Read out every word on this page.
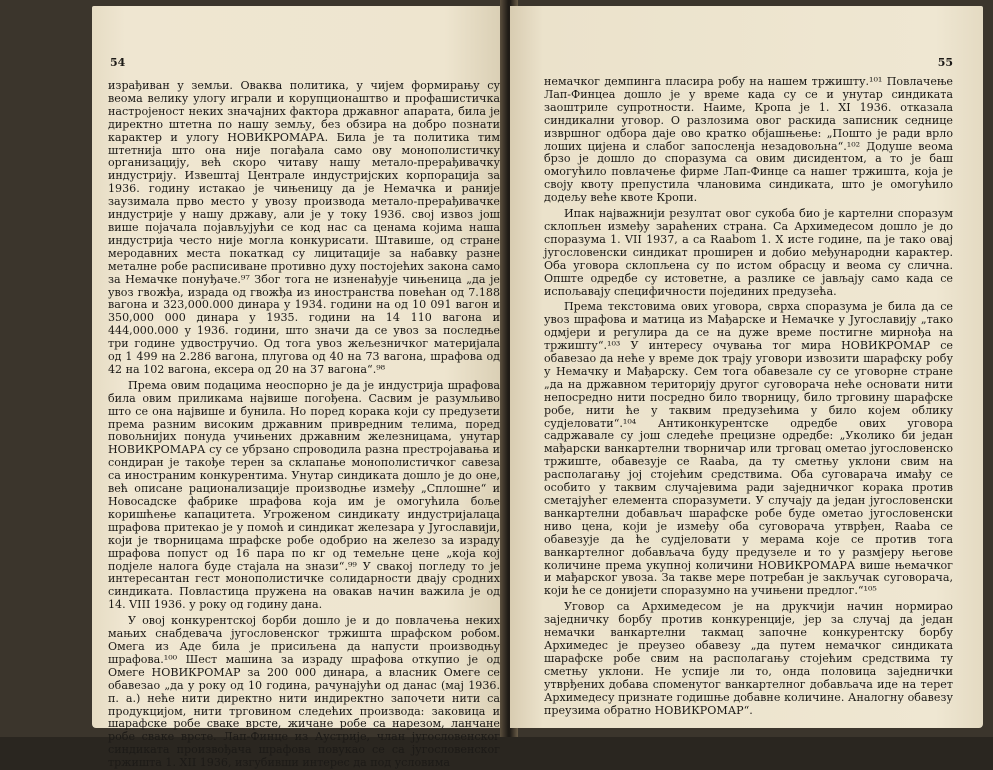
54

израђиван у земљи. Оваква политика, у чијем формирању су веома велику улогу играли и корупционаштво и профашистичка настројеност неких значајних фактора државног апарата, била је директно штетна по нашу земљу, без обзира на добро познати карактер и улогу НОВИКРОМАРА. Била је та политика тим штетнија што она није погађала само ову монополистичку организацију, већ скоро читаву нашу метало-прерађивачку индустрију. Извештај Централе индустријских корпорација за 1936. годину истакао је чињеницу да је Немачка и раније заузимала прво место у увозу производа метало-прерађивачке индустрије у нашу државу, али је у току 1936. свој извоз још више појачала појављујући се код нас са ценама којима наша индустрија често није могла конкурисати. Штавише, од стране меродавних места покаткад су лицитације за набавку разне металне робе расписиване противно духу постојећих закона само за Немачке понуђаче.⁹⁷ Због тога не изненађује чињеница „да је увоз гвожђа, израда од гвожђа из иностранства повећан од 7.188 вагона и 323,000.000 динара у 1934. години на од 10 091 вагон и 350,000 000 динара у 1935. години на 14 110 вагона и 444,000.000 у 1936. години, што значи да се увоз за последње три године удвостручио. Од тога увоз жељезничког материјала од 1 499 на 2.286 вагона, плугова од 40 на 73 вагона, шрафова од 42 на 102 вагона, ексера од 20 на 37 вагона“.⁹⁸

Према овим подацима неоспорно је да је индустрија шрафова била овим приликама највише погођена. Сасвим је разумљиво што се она највише и бунила. Но поред корака који су предузети према разним високим државним привредним телима, поред повољнијих понуда учињених државним железницама, унутар НОВИКРОМАРА су се убрзано спроводила разна престројавања и сондиран је такође терен за склапање монополистичког савеза са иностраним конкурентима. Унутар синдиката дошло је до оне, већ описане рационализације производње између „Сплошне“ и Новосадске фабрике шрафова која им је омогућила боље коришћење капацитета. Угроженом синдикату индустријалаца шрафова притекао је у помоћ и синдикат железара у Југославији, који је творницама шрафске робе одобрио на железо за израду шрафова попуст од 16 пара по кг од темељне цене „која кој подјеле налога буде стајала на знази“.⁹⁹ У свакој погледу то је интересантан гест монополистичке солидарности двају сродних синдиката. Повластица пружена на овакав начин важила је од 14. VIII 1936. у року од годину дана.

У овој конкурентској борби дошло је и до повлачења неких мањих снабдевача југословенског тржишта шрафском робом. Омега из Аде била је присиљена да напусти производњу шрафова.¹⁰⁰ Шест машина за израду шрафова откупио је од Омеге НОВИКРОМАР за 200 000 динара, а власник Омеге се обавезао „да у року од 10 година, рачунајући од данас (мај 1936. п. а.) неће нити директно нити индиректно започети нити са продукцијом, нити трговином следећих производа: заковица и шарафске робе сваке врсте, жичане робе са нарезом, ланчане робе сваке врсте. Лап-Финце из Аустрије, члан југословенског синдиката произвођача шрафова повукао се са југословенског тржишта 1. XII 1936, изгубивши интерес да под условима

55

немачког демпинга пласира робу на нашем тржишту.¹⁰¹ Повлачење Лап-Финцеа дошло је у време када су се и унутар синдиката заоштриле супротности. Наиме, Кропа је 1. XI 1936. отказала синдикални уговор. О разлозима овог раскида записник седнице извршног одбора даје ово кратко објашњење: „Пошто је ради врло лоших цијена и слабог запосленја незадовољна“.¹⁰² Додуше веома брзо је дошло до споразума са овим дисидентом, а то је баш омогућило повлачење фирме Лап-Финце са нашег тржишта, која је своју квоту препустила члановима синдиката, што је омогућило додељу веће квоте Кропи.

Ипак најважнији резултат овог сукоба био је картелни споразум склопљен између зараћених страна. Са Архимедесом дошло је до споразума 1. VII 1937, а са Raabom 1. X исте године, па је тако овај југословенски синдикат проширен и добио међународни карактер. Оба уговора склопљена су по истом обрасцу и веома су слична. Опште одредбе су истоветне, а разлике се јављају само када се испољавају специфичности појединих предузећа.

Према текстовима ових уговора, сврха споразума је била да се увоз шрафова и матица из Мађарске и Немачке у Југославију „тако одмјери и регулира да се на дуже време постигне мирнођа на тржишту“.¹⁰³ У интересу очувања тог мира НОВИКРОМАР се обавезао да неће у време док трају уговори извозити шарафску робу у Немачку и Мађарску. Сем тога обавезале су се уговорне стране „да на државном територију другог суговорача неће основати нити непосредно нити посредно било творницу, било трговину шарафске робе, нити ће у таквим предузећима у било којем облику судјеловати“.¹⁰⁴ Антиконкурентске одредбе ових уговора садржавале су још следеће прецизне одредбе: „Уколико би један мађарски ванкартелни творничар или трговац ометао југословенско тржиште, обавезује се Raaba, да ту сметњу уклони свим на располагању јој стојећим средствима. Оба суговарача имађу се особито у таквим случајевима ради заједничког корака против сметајућег елемента споразумети. У случају да један југословенски ванкартелни добављач шарафске робе буде ометао југословенски ниво цена, који је између оба суговорача утврђен, Raaba се обавезује да ће судјеловати у мерама које се против тога ванкартелног добављача буду предузеле и то у размјеру његове количине према укупној количини НОВИКРОМАРА више њемачког и мађарског увоза. За такве мере потребан је закључак суговорача, који ће се донијети споразумно на учињени предлог.“¹⁰⁵

Уговор са Архимедесом је на друкчији начин нормирао заједничку борбу против конкуренције, јер за случај да један немачки ванкартелни такмац започне конкурентску борбу Архимедес је преузео обавезу „да путем немачког синдиката шарафске робе свим на располагању стојећим средствима ту сметњу уклони. Не успије ли то, онда половица заједнички утврђених добава споменутог ванкартелног добављача иде на терет Архимедесу признате годишње добавне количине. Аналогну обавезу преузима обратно НОВИКРОМАР“.
